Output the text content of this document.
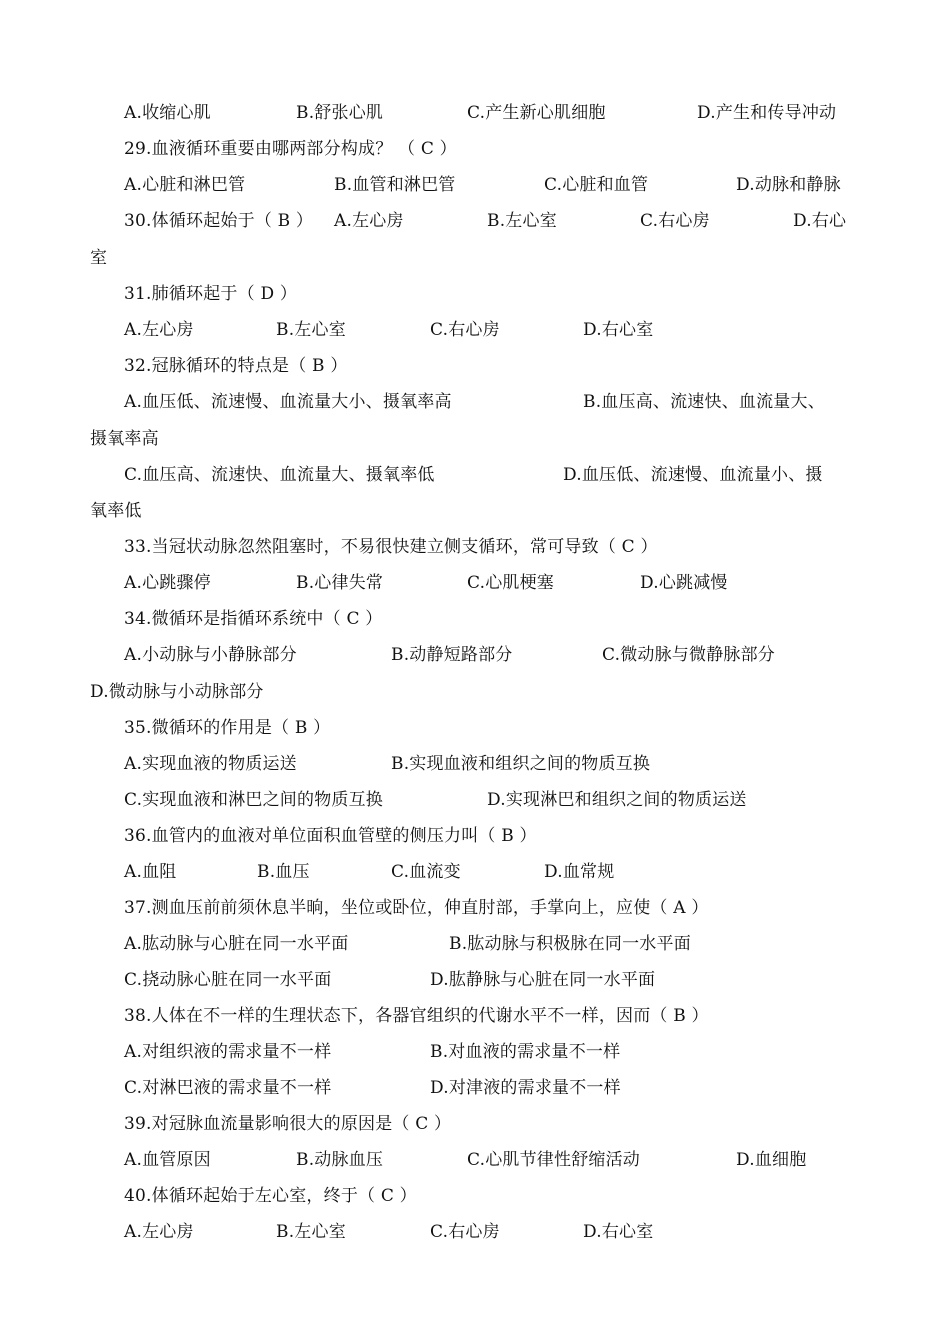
A.收缩心肌	B.舒张心肌	C.产生新心肌细胞	D.产生和传导冲动
29.血液循环重要由哪两部分构成？ （ C ）
A.心脏和淋巴管	B.血管和淋巴管	C.心脏和血管	D.动脉和静脉
30.体循环起始于（ B ） A.左心房	B.左心室	C.右心房	D.右心
室
31.肺循环起于（ D ）
A.左心房	B.左心室	C.右心房	D.右心室
32.冠脉循环的特点是（ B ）
A.血压低、流速慢、血流量大小、摄氧率高	B.血压高、流速快、血流量大、
摄氧率高
C.血压高、流速快、血流量大、摄氧率低	D.血压低、流速慢、血流量小、摄
氧率低
33.当冠状动脉忽然阻塞时，不易很快建立侧支循环，常可导致（ C ）
A.心跳骤停	B.心律失常	C.心肌梗塞	D.心跳减慢
34.微循环是指循环系统中（ C ）
A.小动脉与小静脉部分	B.动静短路部分	C.微动脉与微静脉部分
D.微动脉与小动脉部分
35.微循环的作用是（ B ）
A.实现血液的物质运送	B.实现血液和组织之间的物质互换
C.实现血液和淋巴之间的物质互换	D.实现淋巴和组织之间的物质运送
36.血管内的血液对单位面积血管壁的侧压力叫（ B ）
A.血阻	B.血压	C.血流变	D.血常规
37.测血压前前须休息半晌，坐位或卧位，伸直肘部，手掌向上，应使（ A ）
A.肱动脉与心脏在同一水平面	B.肱动脉与积极脉在同一水平面
C.挠动脉心脏在同一水平面	D.肱静脉与心脏在同一水平面
38.人体在不一样的生理状态下，各器官组织的代谢水平不一样，因而（ B ）
A.对组织液的需求量不一样	B.对血液的需求量不一样
C.对淋巴液的需求量不一样	D.对津液的需求量不一样
39.对冠脉血流量影响很大的原因是（ C ）
A.血管原因	B.动脉血压	C.心肌节律性舒缩活动	D.血细胞
40.体循环起始于左心室，终于（ C ）
A.左心房	B.左心室	C.右心房	D.右心室
